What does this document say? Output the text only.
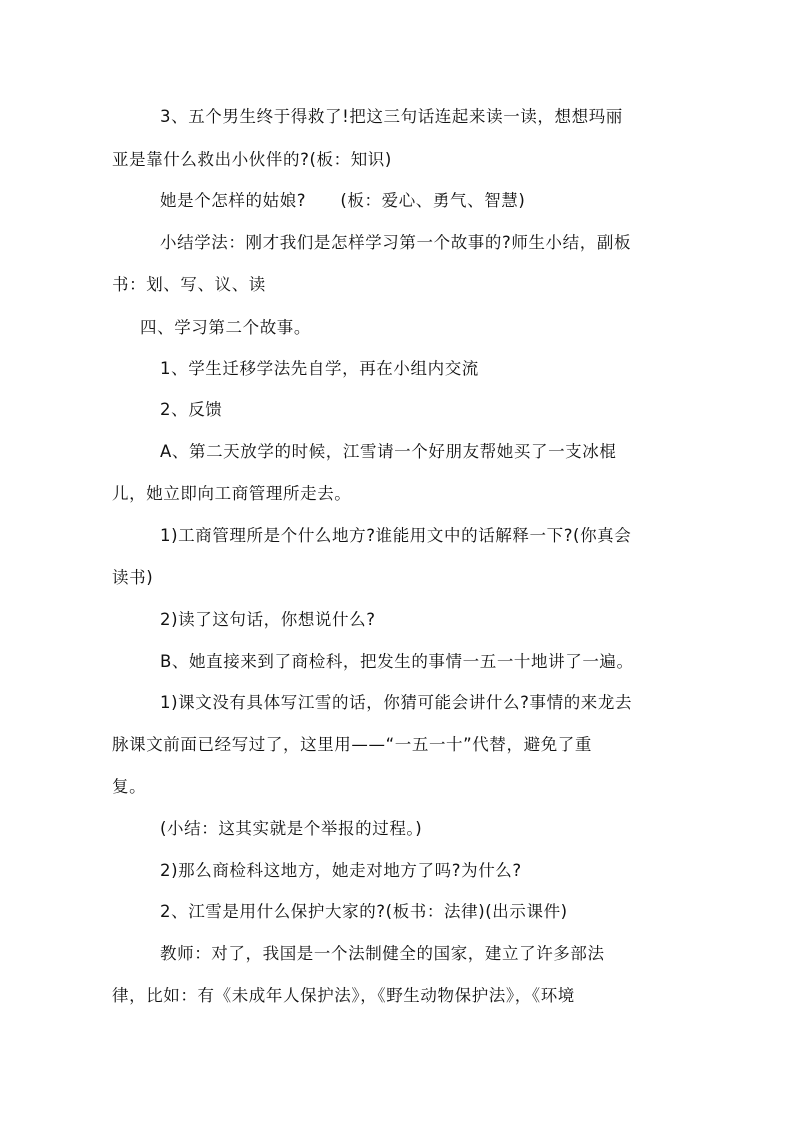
3、五个男生终于得救了!把这三句话连起来读一读，想想玛丽
亚是靠什么救出小伙伴的?(板：知识)
她是个怎样的姑娘?　　(板：爱心、勇气、智慧)
小结学法：刚才我们是怎样学习第一个故事的?师生小结，副板
书：划、写、议、读
四、学习第二个故事。
1、学生迁移学法先自学，再在小组内交流
2、反馈
A、第二天放学的时候，江雪请一个好朋友帮她买了一支冰棍
儿，她立即向工商管理所走去。
1)工商管理所是个什么地方?谁能用文中的话解释一下?(你真会
读书)
2)读了这句话，你想说什么?
B、她直接来到了商检科，把发生的事情一五一十地讲了一遍。
1)课文没有具体写江雪的话，你猜可能会讲什么?事情的来龙去
脉课文前面已经写过了，这里用——“一五一十”代替，避免了重
复。
(小结：这其实就是个举报的过程。)
2)那么商检科这地方，她走对地方了吗?为什么?
2、江雪是用什么保护大家的?(板书：法律)(出示课件)
教师：对了，我国是一个法制健全的国家，建立了许多部法
律，比如：有《未成年人保护法》，《野生动物保护法》，《环境
